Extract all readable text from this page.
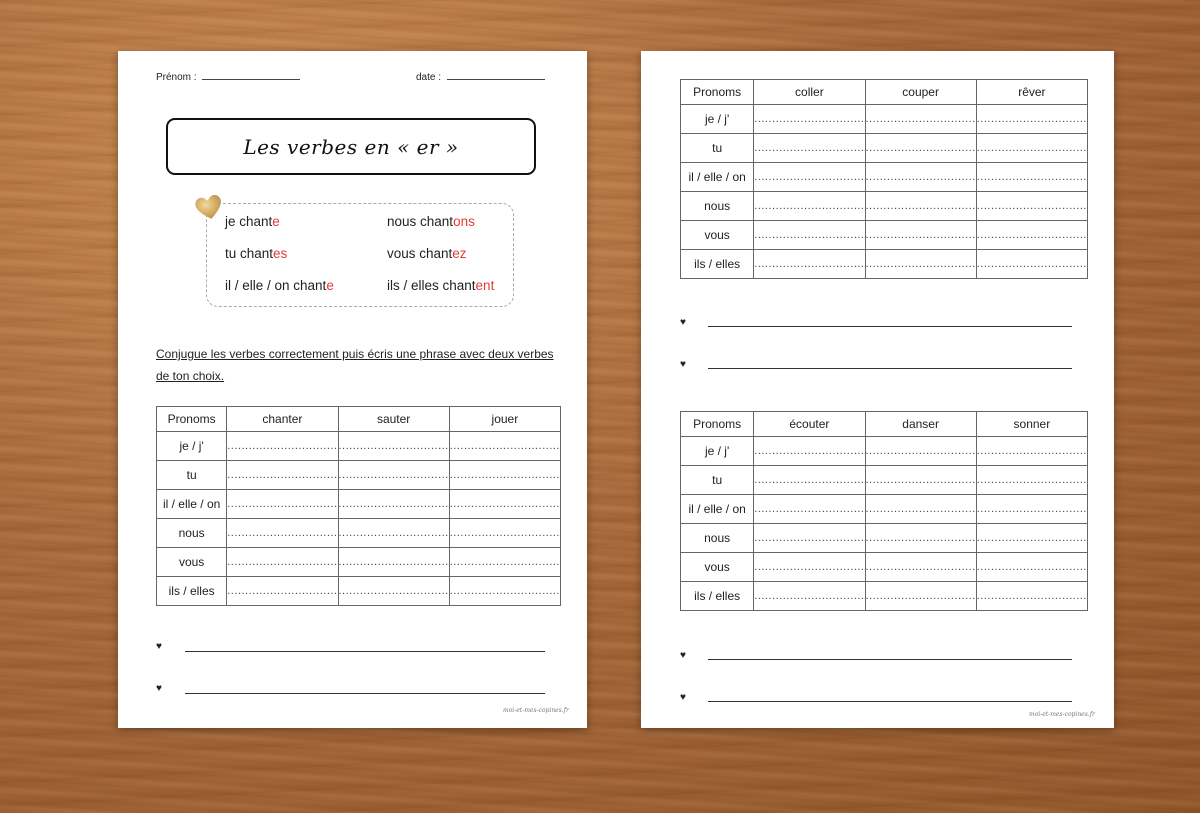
Prénom :	date :
Les verbes en « er »
je chante
tu chantes
il / elle / on chante
nous chantons
vous chantez
ils / elles chantent
Conjugue les verbes correctement puis écris une phrase avec deux verbes de ton choix.
Pronoms	chanter	sauter	jouer
je / j'	...............................	...............................	...............................
tu	...............................	...............................	...............................
il / elle / on	...............................	...............................	...............................
nous	...............................	...............................	...............................
vous	...............................	...............................	...............................
ils / elles	...............................	...............................	...............................
♥
♥
moi-et-mes-copines.fr
Pronoms	coller	couper	rêver
je / j'	...............................	...............................	...............................
tu	...............................	...............................	...............................
il / elle / on	...............................	...............................	...............................
nous	...............................	...............................	...............................
vous	...............................	...............................	...............................
ils / elles	...............................	...............................	...............................
♥
♥
Pronoms	écouter	danser	sonner
je / j'	...............................	...............................	...............................
tu	...............................	...............................	...............................
il / elle / on	...............................	...............................	...............................
nous	...............................	...............................	...............................
vous	...............................	...............................	...............................
ils / elles	...............................	...............................	...............................
♥
♥
moi-et-mes-copines.fr
